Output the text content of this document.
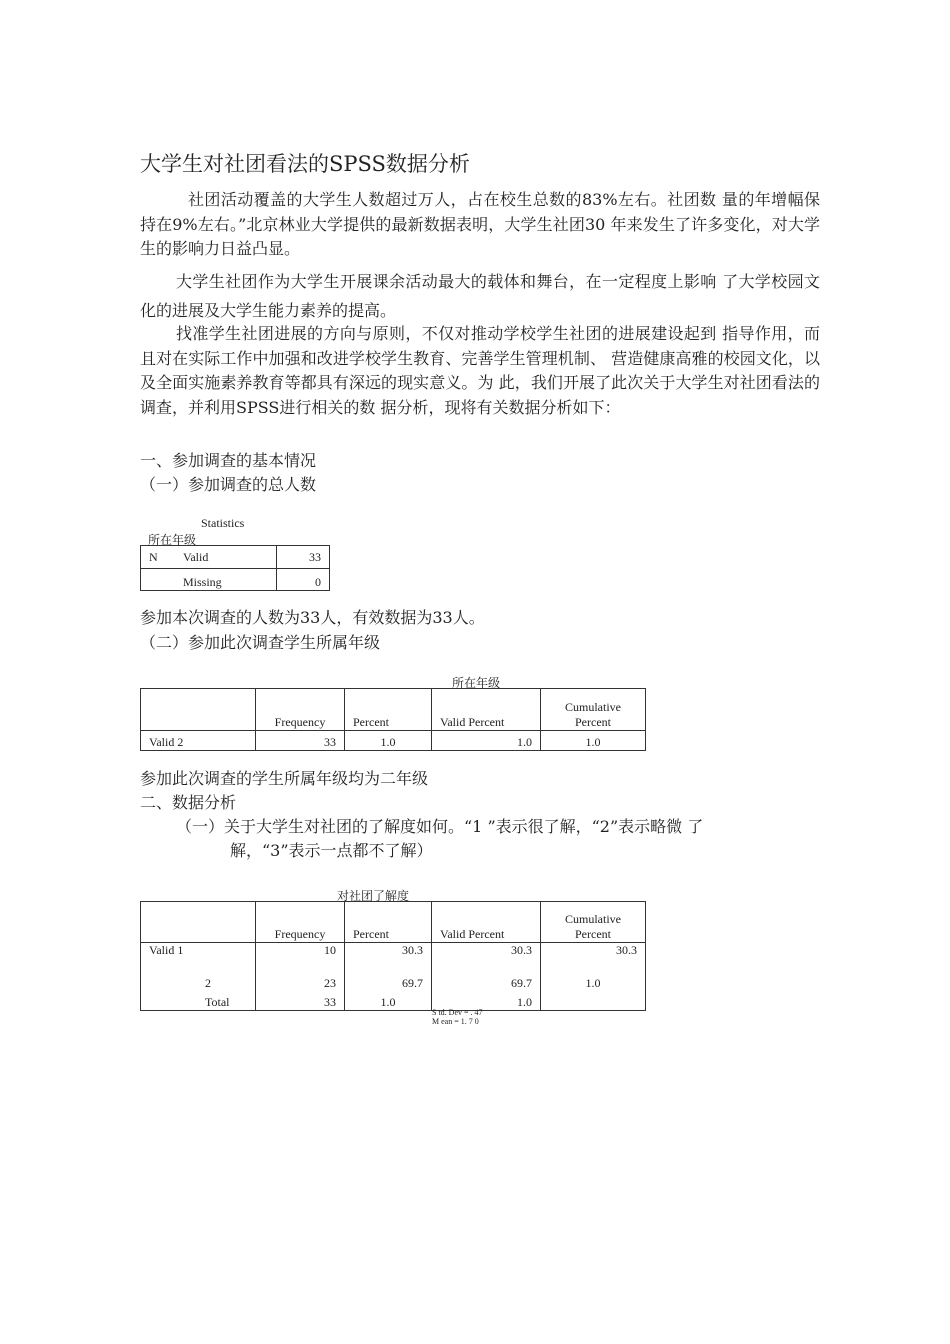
大学生对社团看法的SPSS数据分析
社团活动覆盖的大学生人数超过万人，占在校生总数的83%左右。社团数 量的年增幅保持在9%左右。”北京林业大学提供的最新数据表明，大学生社团30 年来发生了许多变化，对大学生的影响力日益凸显。
大学生社团作为大学生开展课余活动最大的载体和舞台，在一定程度上影响 了大学校园文化的进展及大学生能力素养的提高。
找准学生社团进展的方向与原则，不仅对推动学校学生社团的进展建设起到 指导作用，而且对在实际工作中加强和改进学校学生教育、完善学生管理机制、 营造健康高雅的校园文化，以及全面实施素养教育等都具有深远的现实意义。为 此，我们开展了此次关于大学生对社团看法的调查，并利用SPSS进行相关的数 据分析，现将有关数据分析如下：
一、参加调查的基本情况
（一）参加调查的总人数
Statistics
所在年级
N	Valid	33
	Missing	0
参加本次调查的人数为33人，有效数据为33人。
（二）参加此次调查学生所属年级
所在年级
	Frequency	Percent	Valid Percent	Cumulative
Percent
Valid 2	33	1.0	1.0	1.0
参加此次调查的学生所属年级均为二年级
二、数据分析
（一）关于大学生对社团的了解度如何。“1 ”表示很了解，“2”表示略微 了
解，“3”表示一点都不了解）
对社团了解度
	Frequency	Percent	Valid Percent	Cumulative
Percent
Valid 1	10	30.3	30.3	30.3
2	23	69.7	69.7	1.0
Total	33	1.0	1.0	
S td. Dev = . 47
M ean = 1. 7 0
